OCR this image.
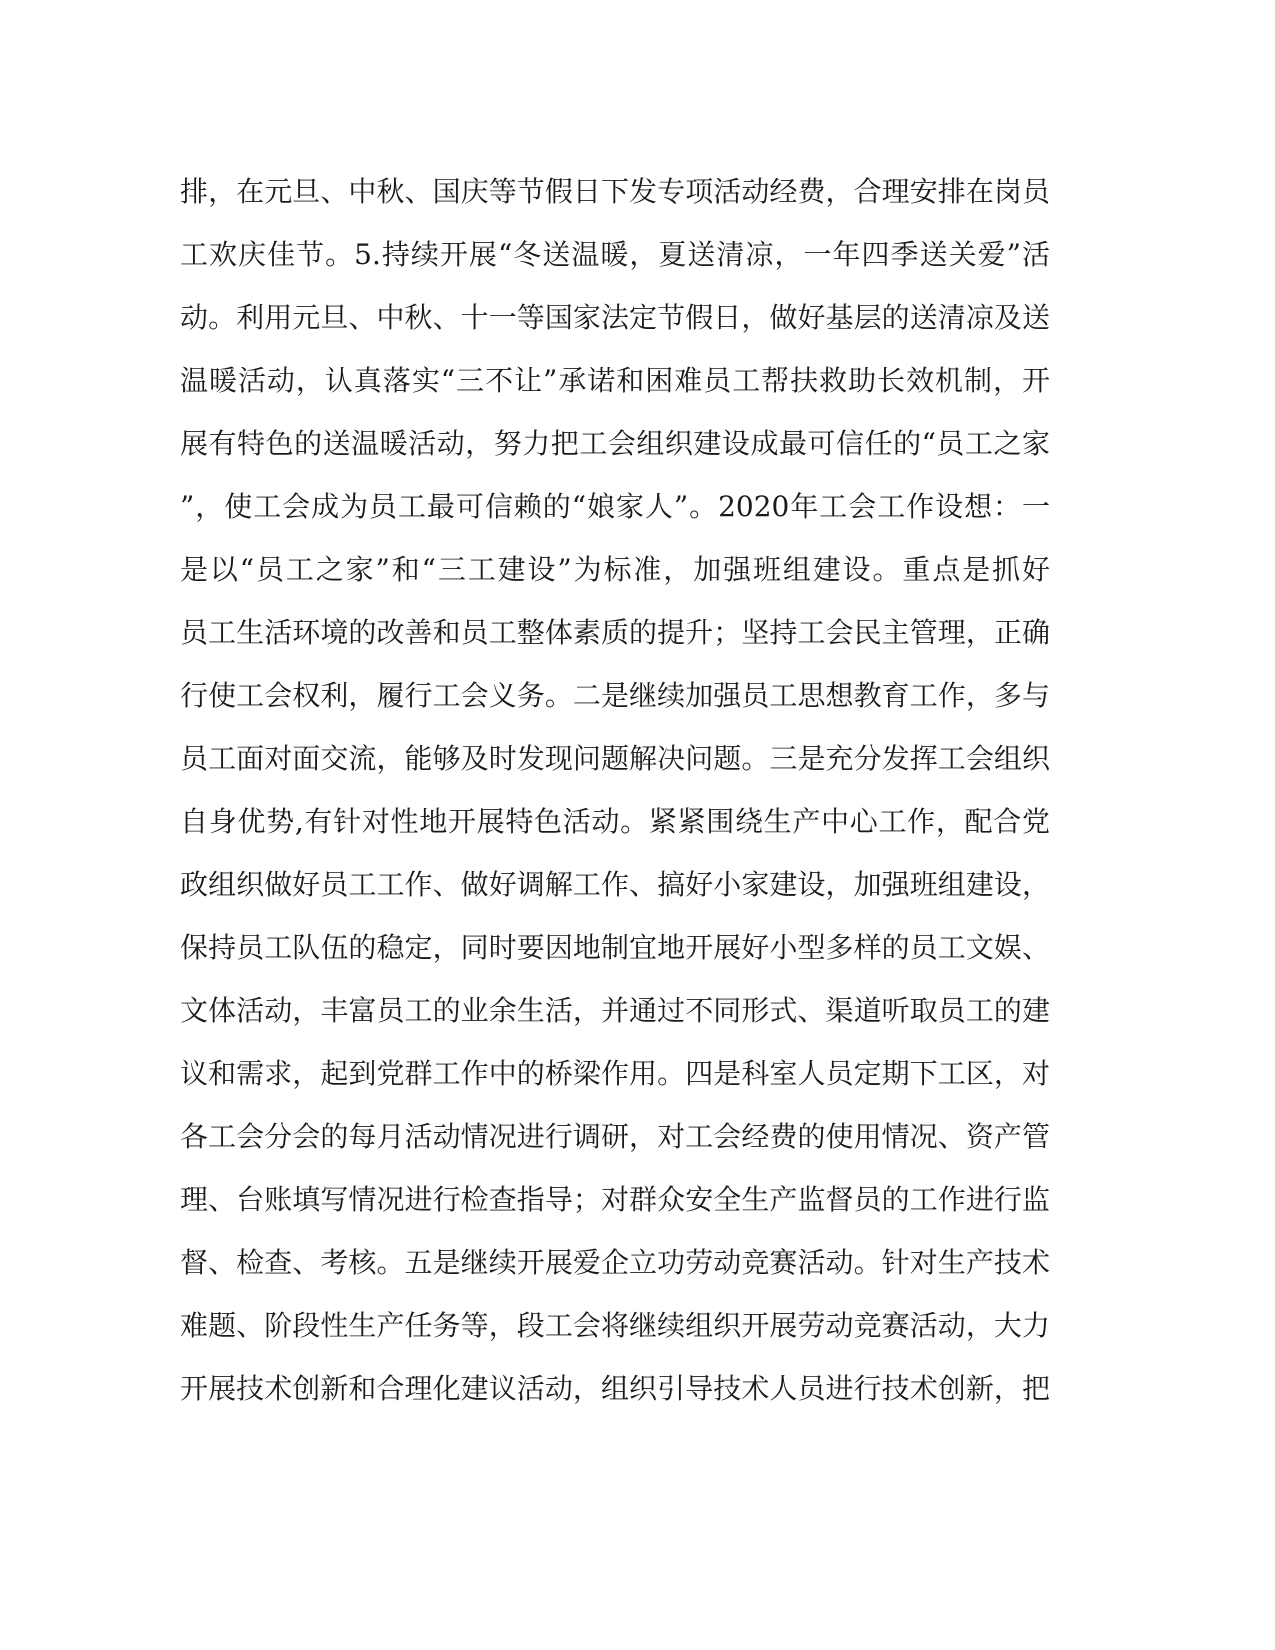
排，在元旦、中秋、国庆等节假日下发专项活动经费，合理安排在岗员
工欢庆佳节。5.持续开展“冬送温暖，夏送清凉，一年四季送关爱”活
动。利用元旦、中秋、十一等国家法定节假日，做好基层的送清凉及送
温暖活动，认真落实“三不让”承诺和困难员工帮扶救助长效机制，开
展有特色的送温暖活动，努力把工会组织建设成最可信任的“员工之家
”，使工会成为员工最可信赖的“娘家人”。2020年工会工作设想：一
是以“员工之家”和“三工建设”为标准，加强班组建设。重点是抓好
员工生活环境的改善和员工整体素质的提升；坚持工会民主管理，正确
行使工会权利，履行工会义务。二是继续加强员工思想教育工作，多与
员工面对面交流，能够及时发现问题解决问题。三是充分发挥工会组织
自身优势,有针对性地开展特色活动。紧紧围绕生产中心工作，配合党
政组织做好员工工作、做好调解工作、搞好小家建设，加强班组建设，
保持员工队伍的稳定，同时要因地制宜地开展好小型多样的员工文娱、
文体活动，丰富员工的业余生活，并通过不同形式、渠道听取员工的建
议和需求，起到党群工作中的桥梁作用。四是科室人员定期下工区，对
各工会分会的每月活动情况进行调研，对工会经费的使用情况、资产管
理、台账填写情况进行检查指导；对群众安全生产监督员的工作进行监
督、检查、考核。五是继续开展爱企立功劳动竞赛活动。针对生产技术
难题、阶段性生产任务等，段工会将继续组织开展劳动竞赛活动，大力
开展技术创新和合理化建议活动，组织引导技术人员进行技术创新，把
